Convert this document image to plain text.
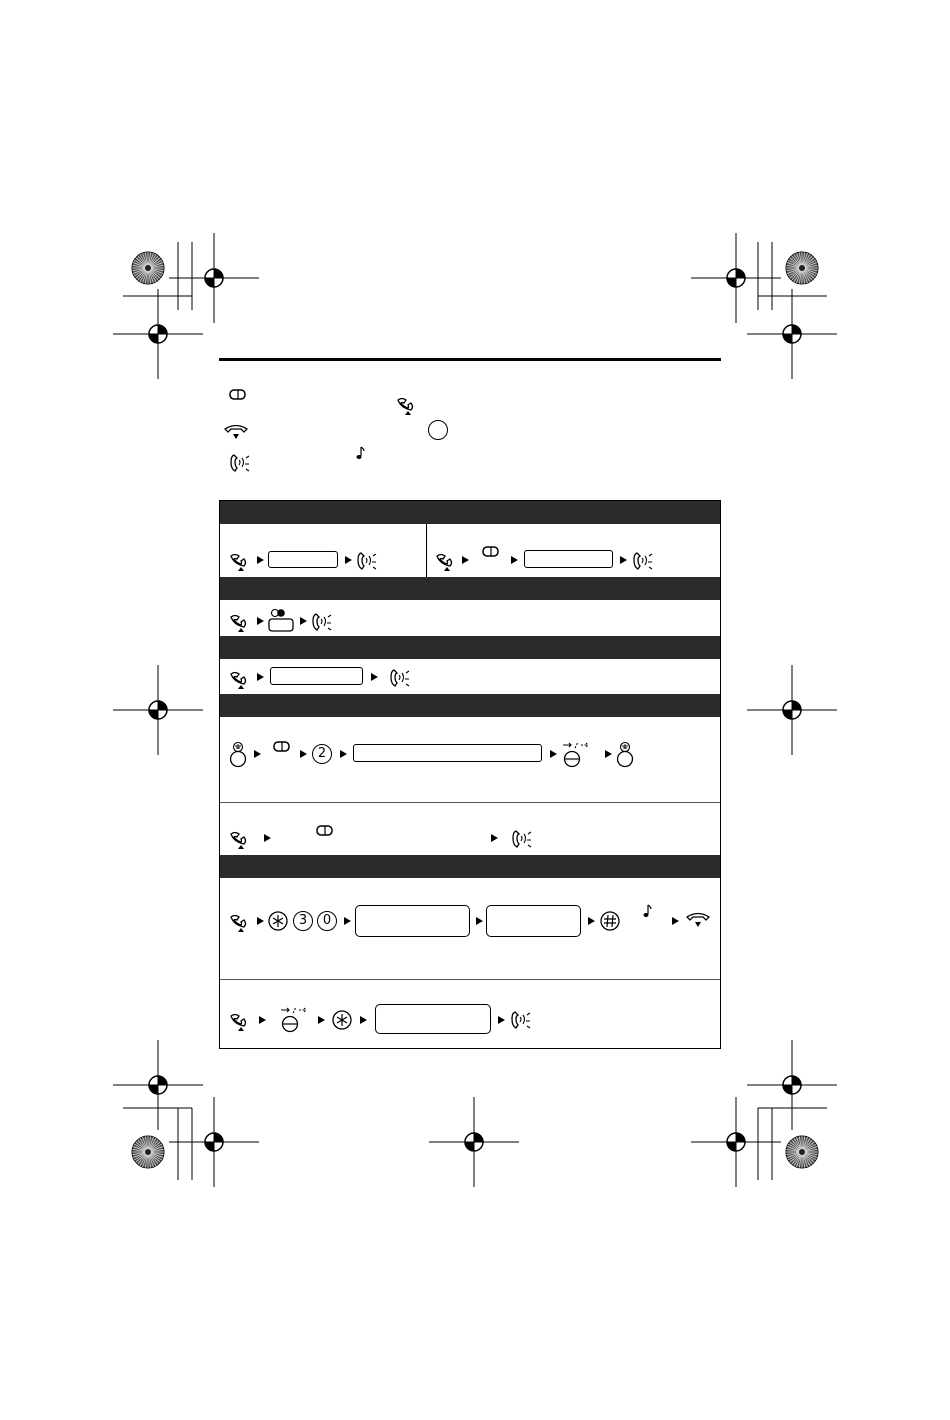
2
3	0
